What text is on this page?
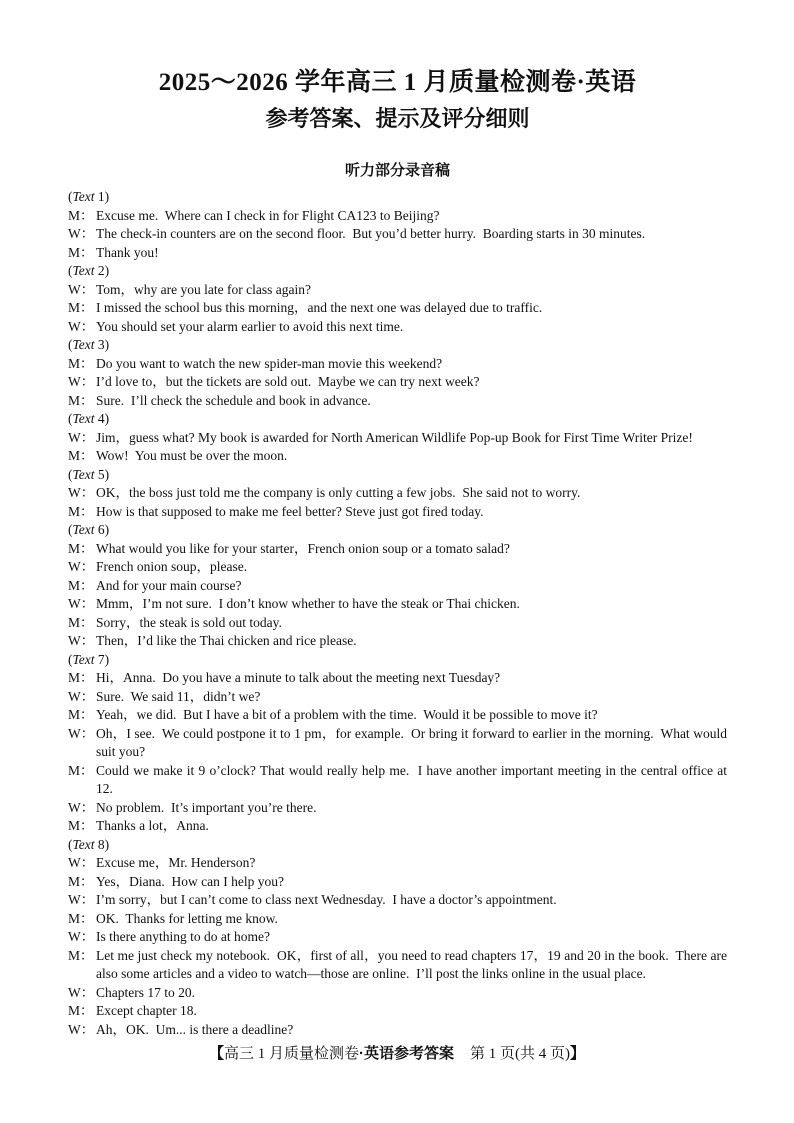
2025～2026 学年高三 1 月质量检测卷·英语
参考答案、提示及评分细则
听力部分录音稿

(Text 1)

M： Excuse me.  Where can I check in for Flight CA123 to Beijing?

W： The check-in counters are on the second floor.  But you’d better hurry.  Boarding starts in 30 minutes.

M： Thank you!

(Text 2)

W： Tom，why are you late for class again?

M： I missed the school bus this morning，and the next one was delayed due to traffic.

W： You should set your alarm earlier to avoid this next time.

(Text 3)

M： Do you want to watch the new spider-man movie this weekend?

W： I’d love to，but the tickets are sold out.  Maybe we can try next week?

M： Sure.  I’ll check the schedule and book in advance.

(Text 4)

W： Jim，guess what? My book is awarded for North American Wildlife Pop-up Book for First Time Writer Prize!

M： Wow!  You must be over the moon.

(Text 5)

W： OK，the boss just told me the company is only cutting a few jobs.  She said not to worry.

M： How is that supposed to make me feel better? Steve just got fired today.

(Text 6)

M： What would you like for your starter，French onion soup or a tomato salad?

W： French onion soup，please.

M： And for your main course?

W： Mmm，I’m not sure.  I don’t know whether to have the steak or Thai chicken.

M： Sorry，the steak is sold out today.

W： Then，I’d like the Thai chicken and rice please.

(Text 7)

M： Hi，Anna.  Do you have a minute to talk about the meeting next Tuesday?

W： Sure.  We said 11，didn’t we?

M： Yeah，we did.  But I have a bit of a problem with the time.  Would it be possible to move it?

W： Oh，I see.  We could postpone it to 1 pm，for example.  Or bring it forward to earlier in the morning.  What would suit you?

M： Could we make it 9 o’clock? That would really help me.  I have another important meeting in the central office at 12.

W： No problem.  It’s important you’re there.

M： Thanks a lot，Anna.

(Text 8)

W： Excuse me，Mr. Henderson?

M： Yes，Diana.  How can I help you?

W： I’m sorry，but I can’t come to class next Wednesday.  I have a doctor’s appointment.

M： OK.  Thanks for letting me know.

W： Is there anything to do at home?

M： Let me just check my notebook.  OK，first of all，you need to read chapters 17，19 and 20 in the book.  There are also some articles and a video to watch—those are online.  I’ll post the links online in the usual place.

W： Chapters 17 to 20.

M： Except chapter 18.

W： Ah，OK.  Um... is there a deadline?

【高三 1 月质量检测卷·英语参考答案 第 1 页(共 4 页)】
